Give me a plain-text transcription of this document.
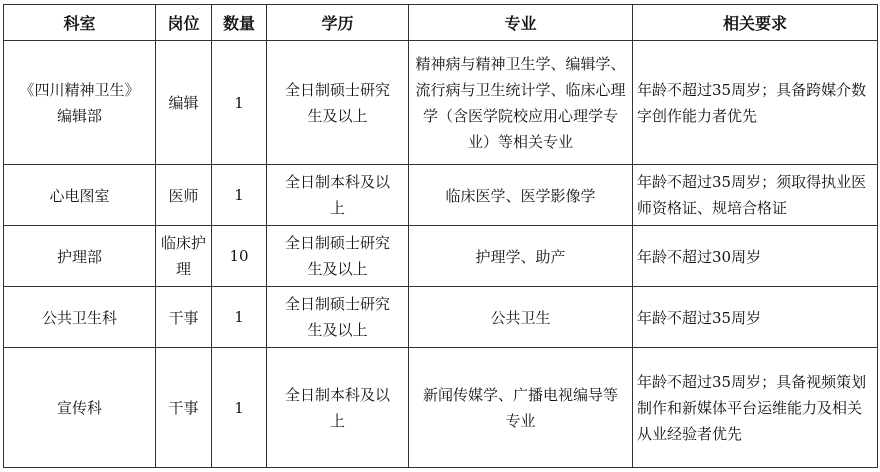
科室	岗位	数量	学历	专业	相关要求
《四川精神卫生》编辑部	编辑	1	全日制硕士研究生及以上	精神病与精神卫生学、编辑学、流行病与卫生统计学、临床心理学（含医学院校应用心理学专业）等相关专业	年龄不超过35周岁；具备跨媒介数字创作能力者优先
心电图室	医师	1	全日制本科及以上	临床医学、医学影像学	年龄不超过35周岁；须取得执业医师资格证、规培合格证
护理部	临床护理	10	全日制硕士研究生及以上	护理学、助产	年龄不超过30周岁
公共卫生科	干事	1	全日制硕士研究生及以上	公共卫生	年龄不超过35周岁
宣传科	干事	1	全日制本科及以上	新闻传媒学、广播电视编导等专业	年龄不超过35周岁；具备视频策划制作和新媒体平台运维能力及相关从业经验者优先
